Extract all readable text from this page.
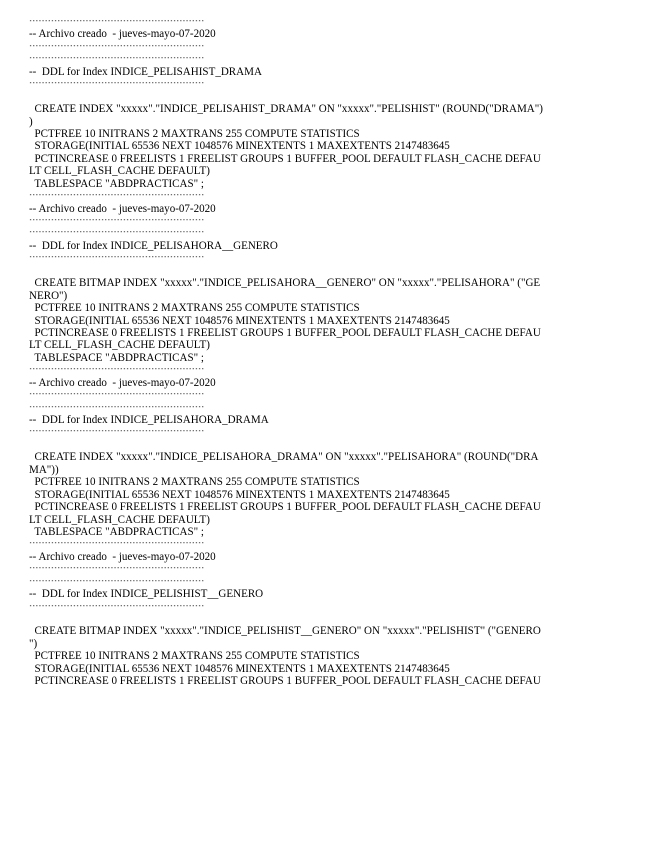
--------------------------------------------------------
-- Archivo creado  - jueves-mayo-07-2020
--------------------------------------------------------
--------------------------------------------------------
--  DDL for Index INDICE_PELISAHIST_DRAMA
--------------------------------------------------------
CREATE INDEX "xxxxx"."INDICE_PELISAHIST_DRAMA" ON "xxxxx"."PELISHIST" (ROUND("DRAMA")
)
PCTFREE 10 INITRANS 2 MAXTRANS 255 COMPUTE STATISTICS
STORAGE(INITIAL 65536 NEXT 1048576 MINEXTENTS 1 MAXEXTENTS 2147483645
PCTINCREASE 0 FREELISTS 1 FREELIST GROUPS 1 BUFFER_POOL DEFAULT FLASH_CACHE DEFAU
LT CELL_FLASH_CACHE DEFAULT)
TABLESPACE "ABDPRACTICAS" ;
--------------------------------------------------------
-- Archivo creado  - jueves-mayo-07-2020
--------------------------------------------------------
--------------------------------------------------------
--  DDL for Index INDICE_PELISAHORA__GENERO
--------------------------------------------------------
CREATE BITMAP INDEX "xxxxx"."INDICE_PELISAHORA__GENERO" ON "xxxxx"."PELISAHORA" ("GE
NERO")
PCTFREE 10 INITRANS 2 MAXTRANS 255 COMPUTE STATISTICS
STORAGE(INITIAL 65536 NEXT 1048576 MINEXTENTS 1 MAXEXTENTS 2147483645
PCTINCREASE 0 FREELISTS 1 FREELIST GROUPS 1 BUFFER_POOL DEFAULT FLASH_CACHE DEFAU
LT CELL_FLASH_CACHE DEFAULT)
TABLESPACE "ABDPRACTICAS" ;
--------------------------------------------------------
-- Archivo creado  - jueves-mayo-07-2020
--------------------------------------------------------
--------------------------------------------------------
--  DDL for Index INDICE_PELISAHORA_DRAMA
--------------------------------------------------------
CREATE INDEX "xxxxx"."INDICE_PELISAHORA_DRAMA" ON "xxxxx"."PELISAHORA" (ROUND("DRA
MA"))
PCTFREE 10 INITRANS 2 MAXTRANS 255 COMPUTE STATISTICS
STORAGE(INITIAL 65536 NEXT 1048576 MINEXTENTS 1 MAXEXTENTS 2147483645
PCTINCREASE 0 FREELISTS 1 FREELIST GROUPS 1 BUFFER_POOL DEFAULT FLASH_CACHE DEFAU
LT CELL_FLASH_CACHE DEFAULT)
TABLESPACE "ABDPRACTICAS" ;
--------------------------------------------------------
-- Archivo creado  - jueves-mayo-07-2020
--------------------------------------------------------
--------------------------------------------------------
--  DDL for Index INDICE_PELISHIST__GENERO
--------------------------------------------------------
CREATE BITMAP INDEX "xxxxx"."INDICE_PELISHIST__GENERO" ON "xxxxx"."PELISHIST" ("GENERO
")
PCTFREE 10 INITRANS 2 MAXTRANS 255 COMPUTE STATISTICS
STORAGE(INITIAL 65536 NEXT 1048576 MINEXTENTS 1 MAXEXTENTS 2147483645
PCTINCREASE 0 FREELISTS 1 FREELIST GROUPS 1 BUFFER_POOL DEFAULT FLASH_CACHE DEFAU
